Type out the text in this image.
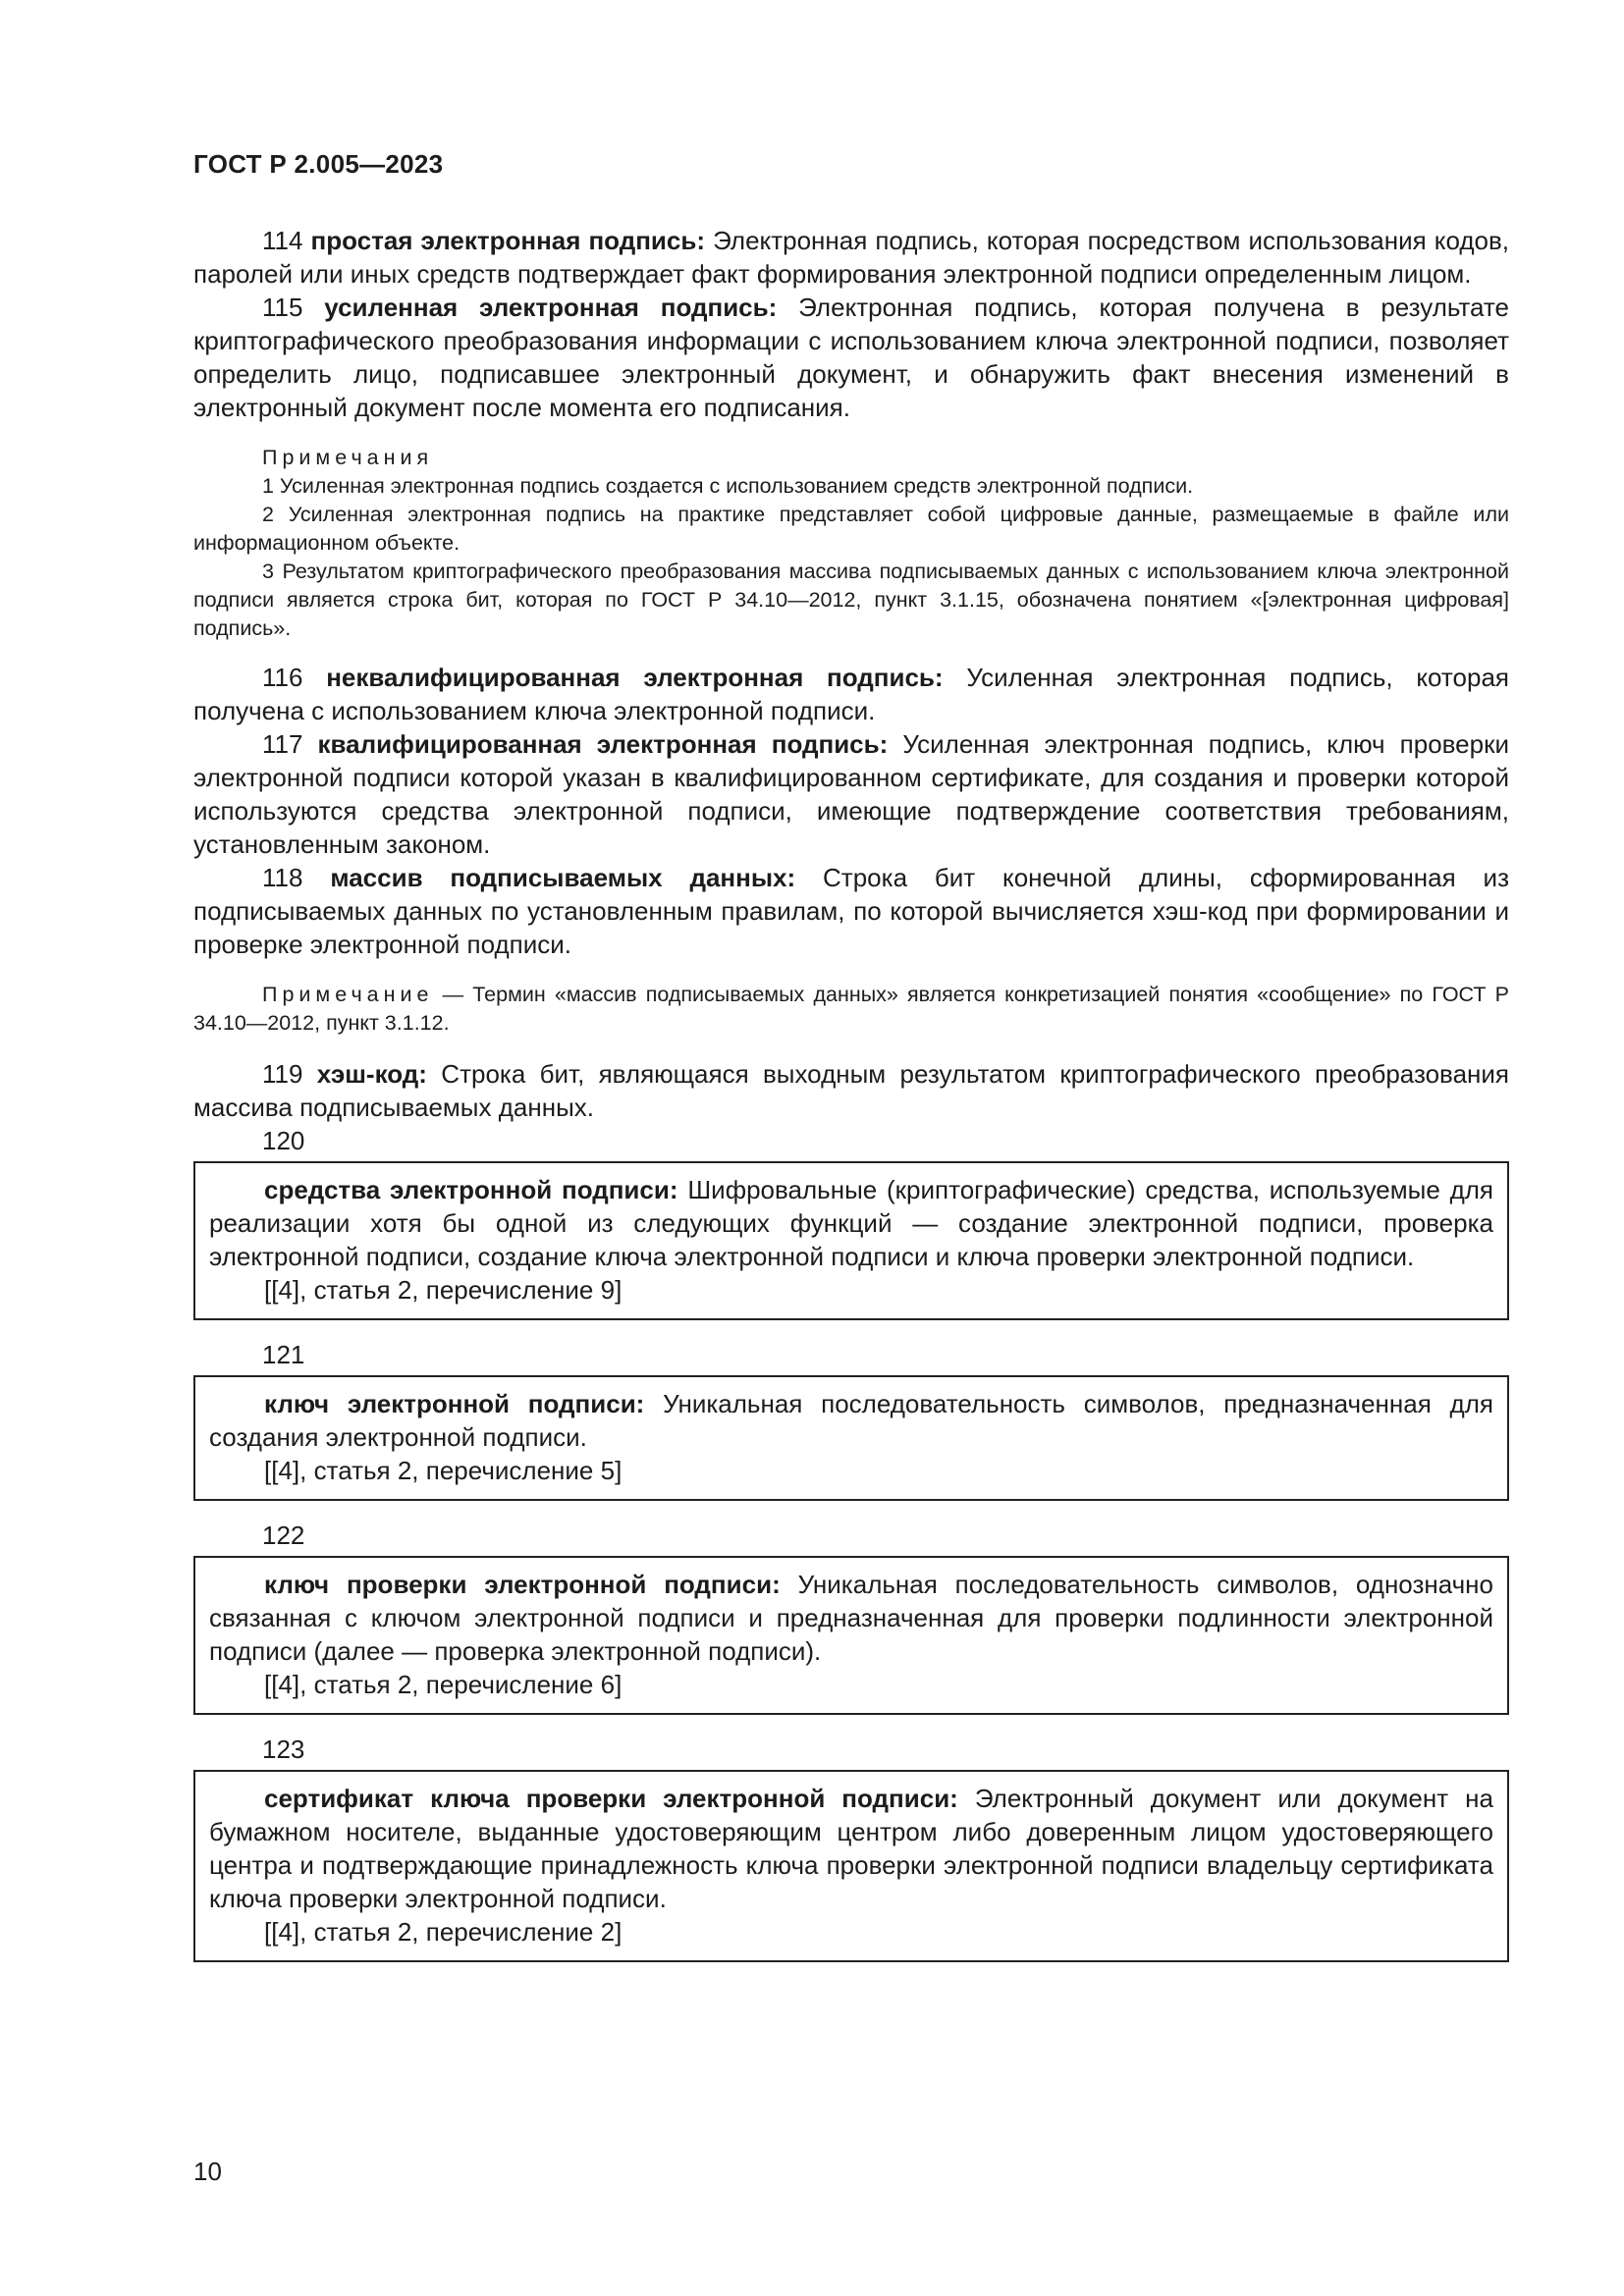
ГОСТ Р 2.005—2023

114 простая электронная подпись: Электронная подпись, которая посредством использования кодов, паролей или иных средств подтверждает факт формирования электронной подписи определенным лицом.

115 усиленная электронная подпись: Электронная подпись, которая получена в результате криптографического преобразования информации с использованием ключа электронной подписи, позволяет определить лицо, подписавшее электронный документ, и обнаружить факт внесения изменений в электронный документ после момента его подписания.

Примечания

1 Усиленная электронная подпись создается с использованием средств электронной подписи.

2 Усиленная электронная подпись на практике представляет собой цифровые данные, размещаемые в файле или информационном объекте.

3 Результатом криптографического преобразования массива подписываемых данных с использованием ключа электронной подписи является строка бит, которая по ГОСТ Р 34.10—2012, пункт 3.1.15, обозначена понятием «[электронная цифровая] подпись».

116 неквалифицированная электронная подпись: Усиленная электронная подпись, которая получена с использованием ключа электронной подписи.

117 квалифицированная электронная подпись: Усиленная электронная подпись, ключ проверки электронной подписи которой указан в квалифицированном сертификате, для создания и проверки которой используются средства электронной подписи, имеющие подтверждение соответствия требованиям, установленным законом.

118 массив подписываемых данных: Строка бит конечной длины, сформированная из подписываемых данных по установленным правилам, по которой вычисляется хэш-код при формировании и проверке электронной подписи.

Примечание — Термин «массив подписываемых данных» является конкретизацией понятия «сообщение» по ГОСТ Р 34.10—2012, пункт 3.1.12.

119 хэш-код: Строка бит, являющаяся выходным результатом криптографического преобразования массива подписываемых данных.

120

средства электронной подписи: Шифровальные (криптографические) средства, используемые для реализации хотя бы одной из следующих функций — создание электронной подписи, проверка электронной подписи, создание ключа электронной подписи и ключа проверки электронной подписи.

[[4], статья 2, перечисление 9]
121

ключ электронной подписи: Уникальная последовательность символов, предназначенная для создания электронной подписи.

[[4], статья 2, перечисление 5]
122

ключ проверки электронной подписи: Уникальная последовательность символов, однозначно связанная с ключом электронной подписи и предназначенная для проверки подлинности электронной подписи (далее — проверка электронной подписи).

[[4], статья 2, перечисление 6]
123

сертификат ключа проверки электронной подписи: Электронный документ или документ на бумажном носителе, выданные удостоверяющим центром либо доверенным лицом удостоверяющего центра и подтверждающие принадлежность ключа проверки электронной подписи владельцу сертификата ключа проверки электронной подписи.

[[4], статья 2, перечисление 2]
10
